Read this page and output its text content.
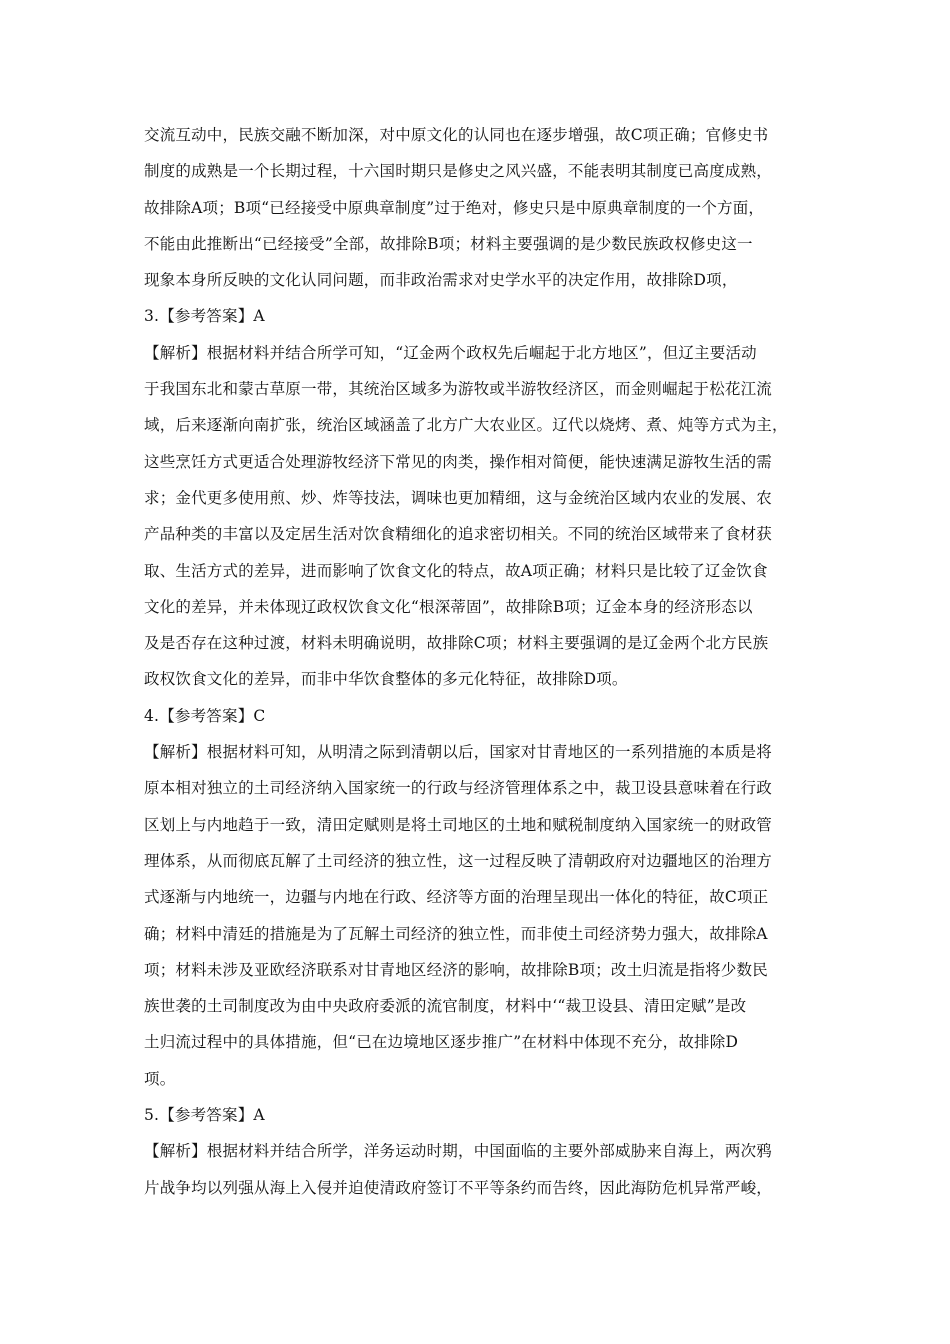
交流互动中，民族交融不断加深，对中原文化的认同也在逐步增强，故C项正确；官修史书
制度的成熟是一个长期过程，十六国时期只是修史之风兴盛，不能表明其制度已高度成熟，
故排除A项；B项“已经接受中原典章制度”过于绝对，修史只是中原典章制度的一个方面，
不能由此推断出“已经接受”全部，故排除B项；材料主要强调的是少数民族政权修史这一
现象本身所反映的文化认同问题，而非政治需求对史学水平的决定作用，故排除D项，
3.【参考答案】A
【解析】根据材料并结合所学可知，“辽金两个政权先后崛起于北方地区”，但辽主要活动
于我国东北和蒙古草原一带，其统治区域多为游牧或半游牧经济区，而金则崛起于松花江流
域，后来逐渐向南扩张，统治区域涵盖了北方广大农业区。辽代以烧烤、煮、炖等方式为主，
这些烹饪方式更适合处理游牧经济下常见的肉类，操作相对简便，能快速满足游牧生活的需
求；金代更多使用煎、炒、炸等技法，调味也更加精细，这与金统治区域内农业的发展、农
产品种类的丰富以及定居生活对饮食精细化的追求密切相关。不同的统治区域带来了食材获
取、生活方式的差异，进而影响了饮食文化的特点，故A项正确；材料只是比较了辽金饮食
文化的差异，并未体现辽政权饮食文化“根深蒂固”，故排除B项；辽金本身的经济形态以
及是否存在这种过渡，材料未明确说明，故排除C项；材料主要强调的是辽金两个北方民族
政权饮食文化的差异，而非中华饮食整体的多元化特征，故排除D项。
4.【参考答案】C
【解析】根据材料可知，从明清之际到清朝以后，国家对甘青地区的一系列措施的本质是将
原本相对独立的土司经济纳入国家统一的行政与经济管理体系之中，裁卫设县意味着在行政
区划上与内地趋于一致，清田定赋则是将土司地区的土地和赋税制度纳入国家统一的财政管
理体系，从而彻底瓦解了土司经济的独立性，这一过程反映了清朝政府对边疆地区的治理方
式逐渐与内地统一，边疆与内地在行政、经济等方面的治理呈现出一体化的特征，故C项正
确；材料中清廷的措施是为了瓦解土司经济的独立性，而非使土司经济势力强大，故排除A
项；材料未涉及亚欧经济联系对甘青地区经济的影响，故排除B项；改土归流是指将少数民
族世袭的土司制度改为由中央政府委派的流官制度，材料中‘“裁卫设县、清田定赋”是改
土归流过程中的具体措施，但“已在边境地区逐步推广”在材料中体现不充分，故排除D
项。
5.【参考答案】A
【解析】根据材料并结合所学，洋务运动时期，中国面临的主要外部威胁来自海上，两次鸦
片战争均以列强从海上入侵并迫使清政府签订不平等条约而告终，因此海防危机异常严峻，
